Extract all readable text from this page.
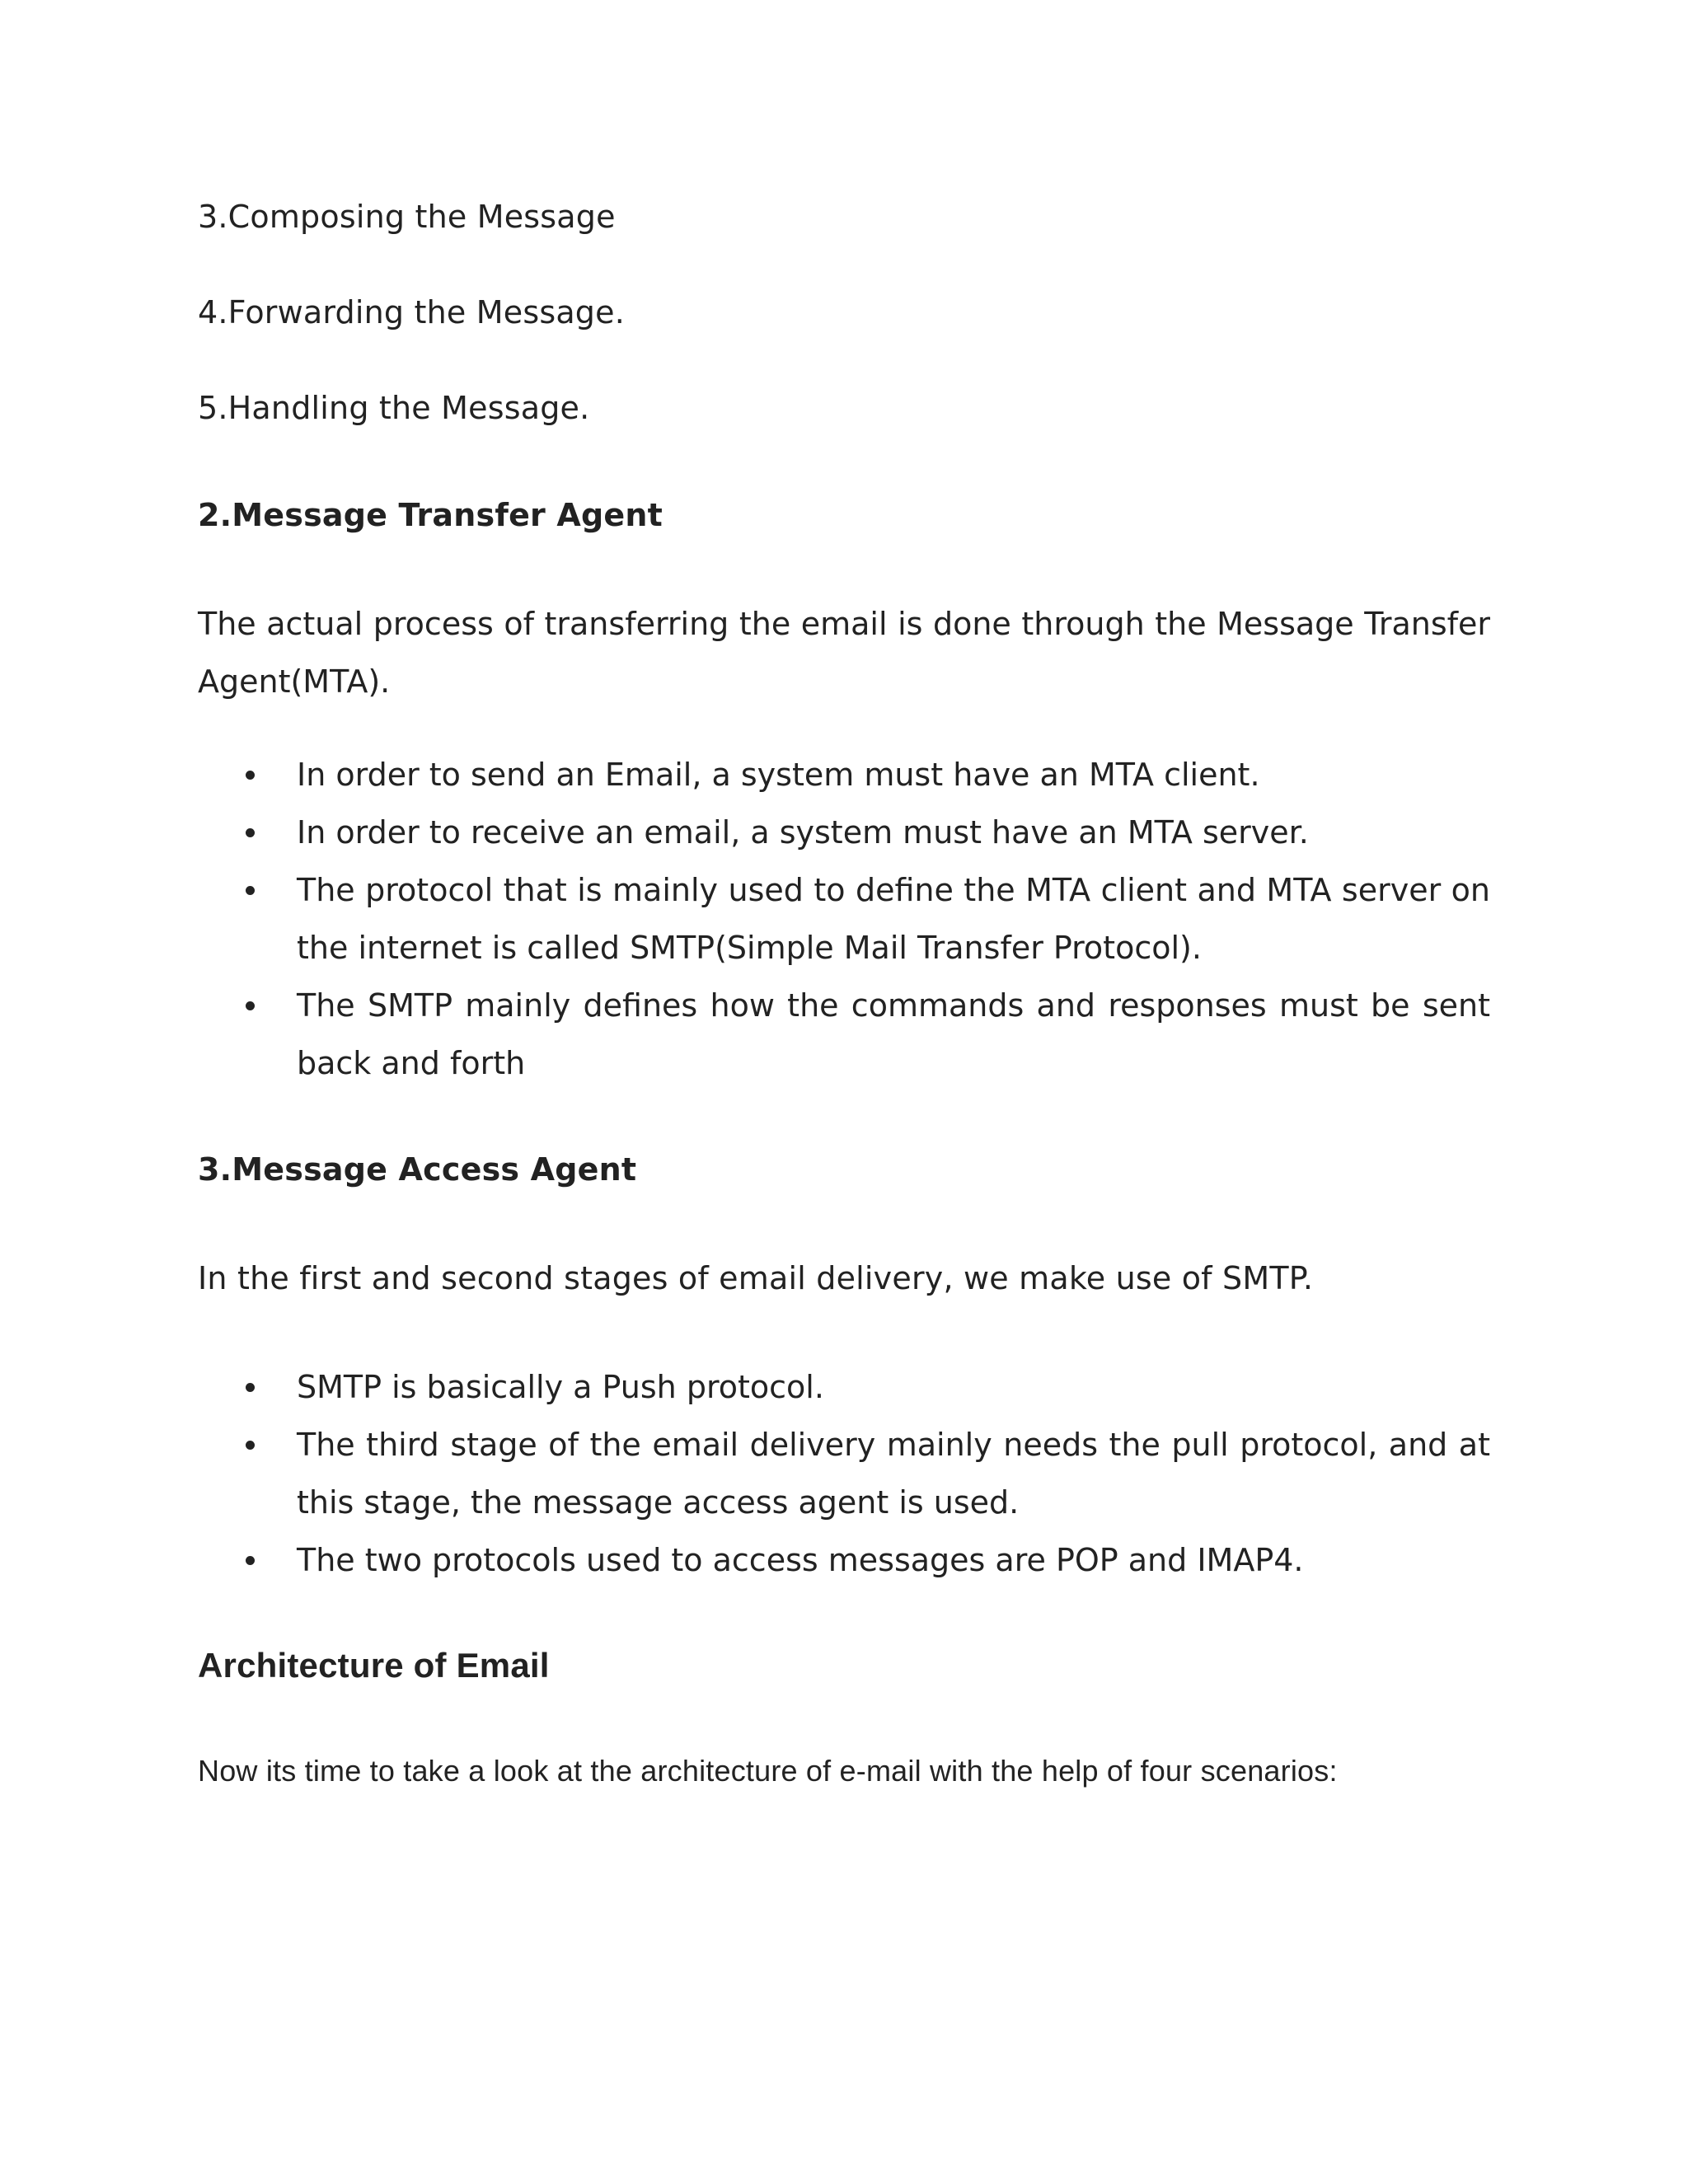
3.Composing the Message
4.Forwarding the Message.
5.Handling the Message.
2.Message Transfer Agent
The actual process of transferring the email is done through the Message Transfer Agent(MTA).
In order to send an Email, a system must have an MTA client.
In order to receive an email, a system must have an MTA server.
The protocol that is mainly used to define the MTA client and MTA server on the internet is called SMTP(Simple Mail Transfer Protocol).
The SMTP mainly defines how the commands and responses must be sent back and forth
3.Message Access Agent
In the first and second stages of email delivery, we make use of SMTP.
SMTP is basically a Push protocol.
The third stage of the email delivery mainly needs the pull protocol, and at this stage, the message access agent is used.
The two protocols used to access messages are POP and IMAP4.
Architecture of Email
Now its time to take a look at the architecture of e-mail with the help of four scenarios:
